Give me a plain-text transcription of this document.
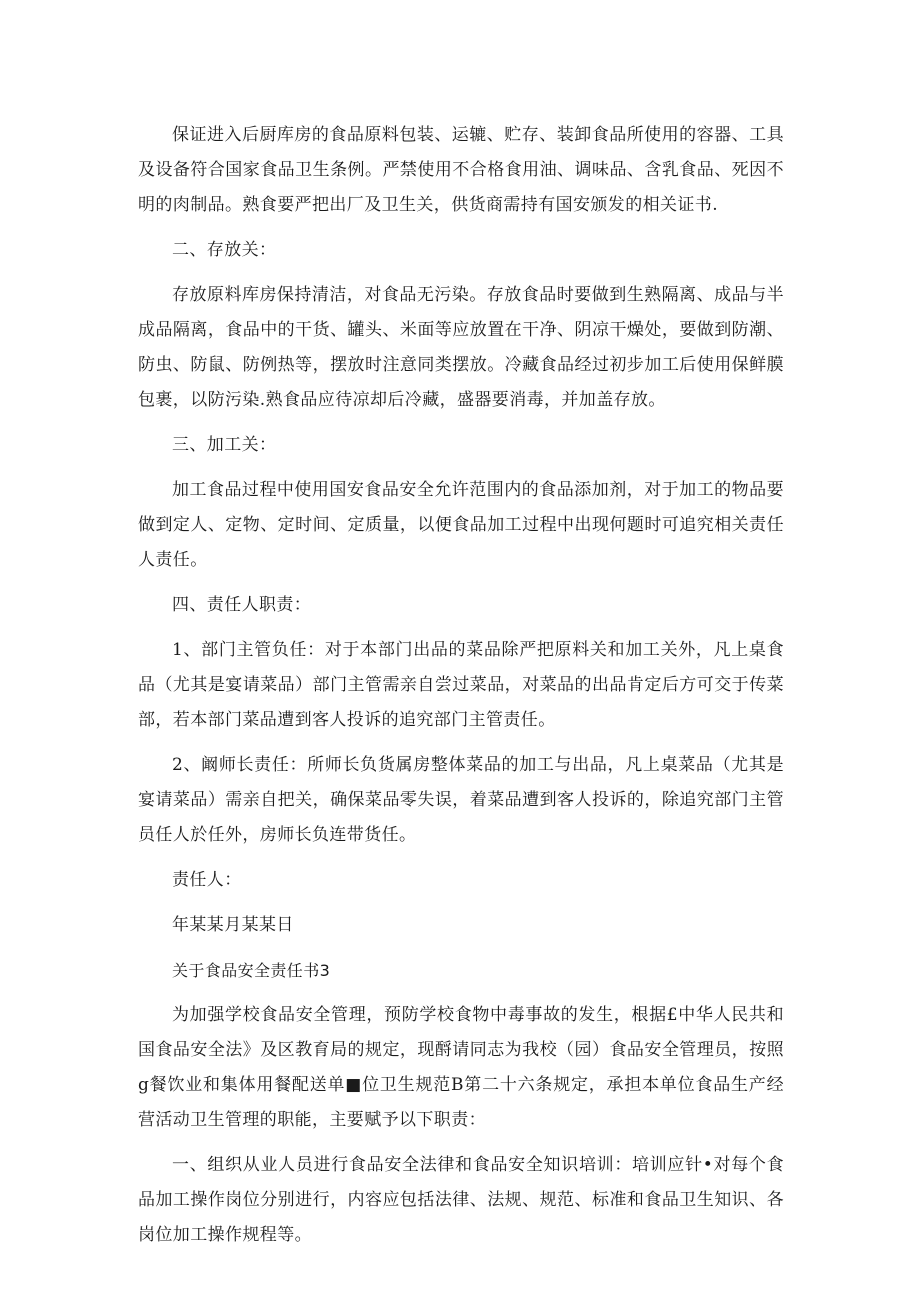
保证进入后厨库房的食品原料包装、运辘、贮存、装卸食品所使用的容器、工具及设备符合国家食品卫生条例。严禁使用不合格食用油、调味品、含乳食品、死因不明的肉制品。熟食要严把出厂及卫生关，供货商需持有国安颁发的相关证书.

二、存放关：

存放原料库房保持清洁，对食品无污染。存放食品时要做到生熟隔离、成品与半成品隔离，食品中的干货、罐头、米面等应放置在干净、阴凉干燥处，要做到防潮、防虫、防鼠、防例热等，摆放时注意同类摆放。冷藏食品经过初步加工后使用保鲜膜包裹，以防污染.熟食品应待凉却后冷藏，盛器要消毒，并加盖存放。

三、加工关：

加工食品过程中使用国安食品安全允许范围内的食品添加剂，对于加工的物品要做到定人、定物、定时间、定质量，以便食品加工过程中出现何题时可追究相关责任人责任。

四、责任人职责：

1、部门主管负任：对于本部门出品的菜品除严把原料关和加工关外，凡上桌食品（尤其是宴请菜品）部门主管需亲自尝过菜品，对菜品的出品肯定后方可交于传菜部，若本部门菜品遭到客人投诉的追究部门主管责任。

2、阚师长责任：所师长负货属房整体菜品的加工与出品，凡上桌菜品（尤其是宴请菜品）需亲自把关，确保菜品零失误，着菜品遭到客人投诉的，除追究部门主管员任人於任外，房师长负连带货任。

责任人：

年某某月某某日

关于食品安全责任书3

为加强学校食品安全管理，预防学校食物中毒事故的发生，根据£中华人民共和国食品安全法》及区教育局的规定，现酹请同志为我校（园）食品安全管理员，按照g餐饮业和集体用餐配送单■位卫生规范B第二十六条规定，承担本单位食品生产经营活动卫生管理的职能，主要赋予以下职责：

一、组织从业人员进行食品安全法律和食品安全知识培训：培训应针•对每个食品加工操作岗位分别进行，内容应包括法律、法规、规范、标准和食品卫生知识、各岗位加工操作规程等。
